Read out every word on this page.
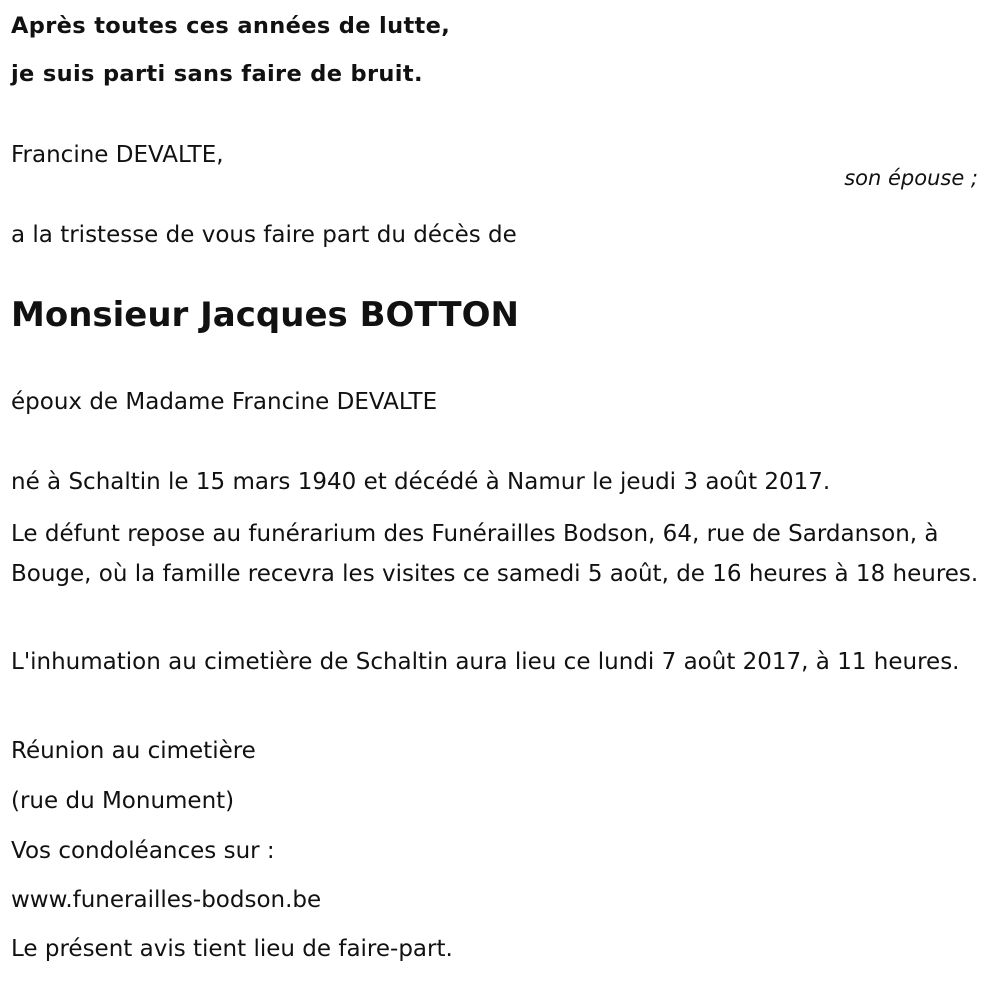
Après toutes ces années de lutte,

je suis parti sans faire de bruit.

Francine DEVALTE,

son épouse ;

a la tristesse de vous faire part du décès de

Monsieur Jacques BOTTON

époux de Madame Francine DEVALTE

né à Schaltin le 15 mars 1940 et décédé à Namur le jeudi 3 août 2017.

Le défunt repose au funérarium des Funérailles Bodson, 64, rue de Sardanson, à Bouge, où la famille recevra les visites ce samedi 5 août, de 16 heures à 18 heures.

L'inhumation au cimetière de Schaltin aura lieu ce lundi 7 août 2017, à 11 heures.

Réunion au cimetière

(rue du Monument)

Vos condoléances sur :

www.funerailles-bodson.be

Le présent avis tient lieu de faire-part.
